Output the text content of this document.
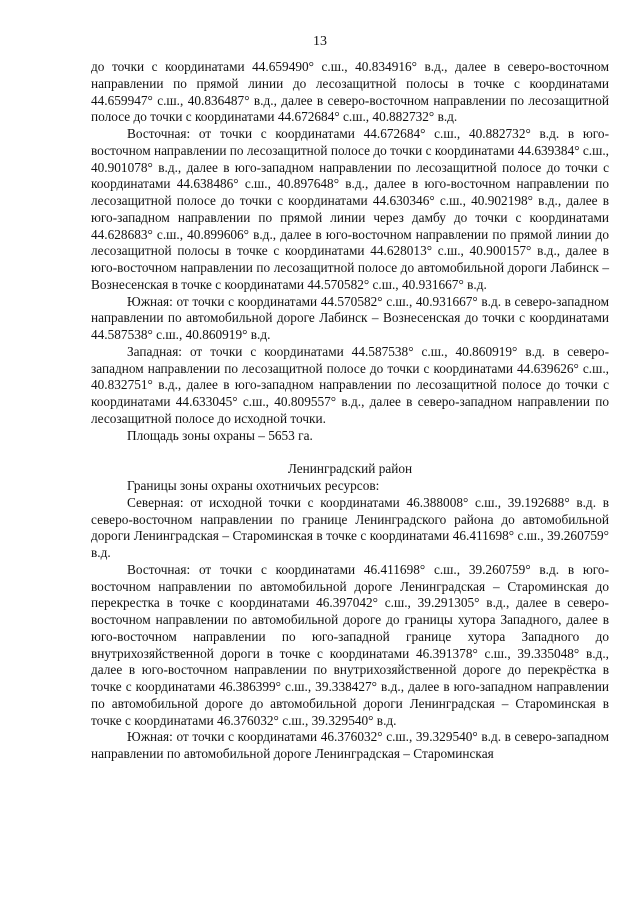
13

до точки с координатами 44.659490° с.ш., 40.834916° в.д., далее в северо-восточном направлении по прямой линии до лесозащитной полосы в точке с координатами 44.659947° с.ш., 40.836487° в.д., далее в северо-восточном направлении по лесозащитной полосе до точки с координатами 44.672684° с.ш., 40.882732° в.д.

Восточная: от точки с координатами 44.672684° с.ш., 40.882732° в.д. в юго-восточном направлении по лесозащитной полосе до точки с координатами 44.639384° с.ш., 40.901078° в.д., далее в юго-западном направлении по лесозащитной полосе до точки с координатами 44.638486° с.ш., 40.897648° в.д., далее в юго-восточном направлении по лесозащитной полосе до точки с координатами 44.630346° с.ш., 40.902198° в.д., далее в юго-западном направлении по прямой линии через дамбу до точки с координатами 44.628683° с.ш., 40.899606° в.д., далее в юго-восточном направлении по прямой линии до лесозащитной полосы в точке с координатами 44.628013° с.ш., 40.900157° в.д., далее в юго-восточном направлении по лесозащитной полосе до автомобильной дороги Лабинск – Вознесенская в точке с координатами 44.570582° с.ш., 40.931667° в.д.

Южная: от точки с координатами 44.570582° с.ш., 40.931667° в.д. в северо-западном направлении по автомобильной дороге Лабинск – Вознесенская до точки с координатами 44.587538° с.ш., 40.860919° в.д.

Западная: от точки с координатами 44.587538° с.ш., 40.860919° в.д. в северо-западном направлении по лесозащитной полосе до точки с координатами 44.639626° с.ш., 40.832751° в.д., далее в юго-западном направлении по лесозащитной полосе до точки с координатами 44.633045° с.ш., 40.809557° в.д., далее в северо-западном направлении по лесозащитной полосе до исходной точки.

Площадь зоны охраны – 5653 га.

Ленинградский район

Границы зоны охраны охотничьих ресурсов:

Северная: от исходной точки с координатами 46.388008° с.ш., 39.192688° в.д. в северо-восточном направлении по границе Ленинградского района до автомобильной дороги Ленинградская – Староминская в точке с координатами 46.411698° с.ш., 39.260759° в.д.

Восточная: от точки с координатами 46.411698° с.ш., 39.260759° в.д. в юго-восточном направлении по автомобильной дороге Ленинградская – Староминская до перекрестка в точке с координатами 46.397042° с.ш., 39.291305° в.д., далее в северо-восточном направлении по автомобильной дороге до границы хутора Западного, далее в юго-восточном направлении по юго-западной границе хутора Западного до внутрихозяйственной дороги в точке с координатами 46.391378° с.ш., 39.335048° в.д., далее в юго-восточном направлении по внутрихозяйственной дороге до перекрёстка в точке с координатами 46.386399° с.ш., 39.338427° в.д., далее в юго-западном направлении по автомобильной дороге до автомобильной дороги Ленинградская – Староминская в точке с координатами 46.376032° с.ш., 39.329540° в.д.

Южная: от точки с координатами 46.376032° с.ш., 39.329540° в.д. в северо-западном направлении по автомобильной дороге Ленинградская – Староминская
